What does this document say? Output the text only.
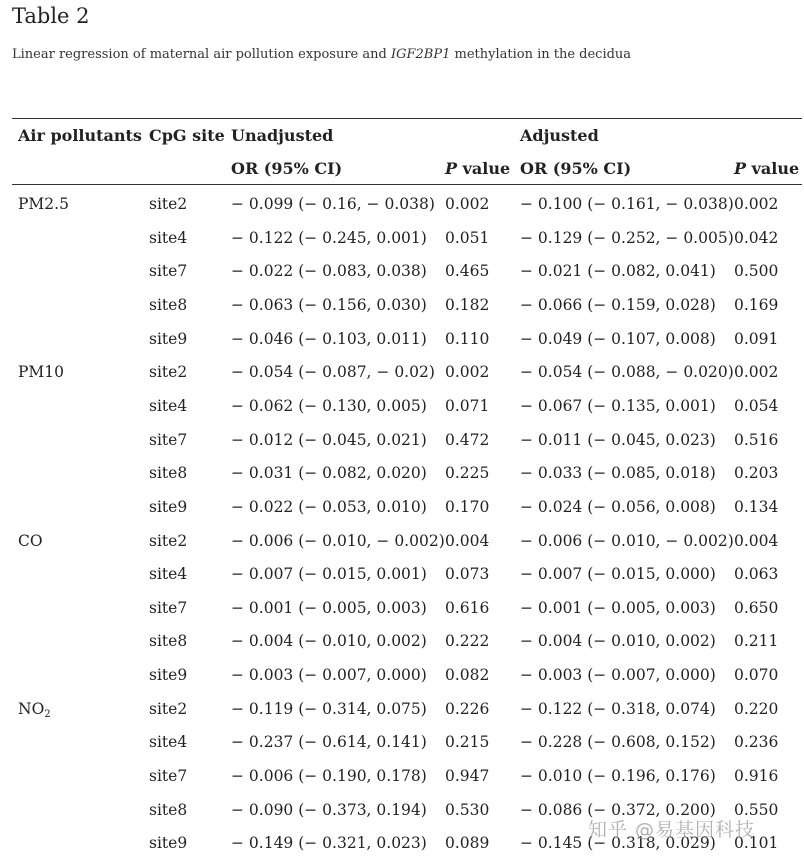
Table 2
Linear regression of maternal air pollution exposure and IGF2BP1 methylation in the decidua
Air pollutants CpG site Unadjusted	Adjusted
OR (95% CI)	P value OR (95% CI)	P value
PM2.5	site2	− 0.099 (− 0.16, − 0.038) 0.002 − 0.100 (− 0.161, − 0.038) 0.002
site4	− 0.122 (− 0.245, 0.001) 0.051 − 0.129 (− 0.252, − 0.005) 0.042
site7	− 0.022 (− 0.083, 0.038) 0.465 − 0.021 (− 0.082, 0.041) 0.500
site8	− 0.063 (− 0.156, 0.030) 0.182 − 0.066 (− 0.159, 0.028) 0.169
site9	− 0.046 (− 0.103, 0.011) 0.110 − 0.049 (− 0.107, 0.008) 0.091
PM10	site2	− 0.054 (− 0.087, − 0.02) 0.002 − 0.054 (− 0.088, − 0.020) 0.002
site4	− 0.062 (− 0.130, 0.005) 0.071 − 0.067 (− 0.135, 0.001) 0.054
site7	− 0.012 (− 0.045, 0.021) 0.472 − 0.011 (− 0.045, 0.023) 0.516
site8	− 0.031 (− 0.082, 0.020) 0.225 − 0.033 (− 0.085, 0.018) 0.203
site9	− 0.022 (− 0.053, 0.010) 0.170 − 0.024 (− 0.056, 0.008) 0.134
CO	site2	− 0.006 (− 0.010, − 0.002) 0.004 − 0.006 (− 0.010, − 0.002) 0.004
site4	− 0.007 (− 0.015, 0.001) 0.073 − 0.007 (− 0.015, 0.000) 0.063
site7	− 0.001 (− 0.005, 0.003) 0.616 − 0.001 (− 0.005, 0.003) 0.650
site8	− 0.004 (− 0.010, 0.002) 0.222 − 0.004 (− 0.010, 0.002) 0.211
site9	− 0.003 (− 0.007, 0.000) 0.082 − 0.003 (− 0.007, 0.000) 0.070
$NO_2$	site2	− 0.119 (− 0.314, 0.075) 0.226 − 0.122 (− 0.318, 0.074) 0.220
site4	− 0.237 (− 0.614, 0.141) 0.215 − 0.228 (− 0.608, 0.152) 0.236
site7	− 0.006 (− 0.190, 0.178) 0.947 − 0.010 (− 0.196, 0.176) 0.916
site8	− 0.090 (− 0.373, 0.194) 0.530 − 0.086 (− 0.372, 0.200) 0.550
site9	− 0.149 (− 0.321, 0.023) 0.089 − 0.145 (− 0.318, 0.029) 0.101
知乎 @易基因科技
